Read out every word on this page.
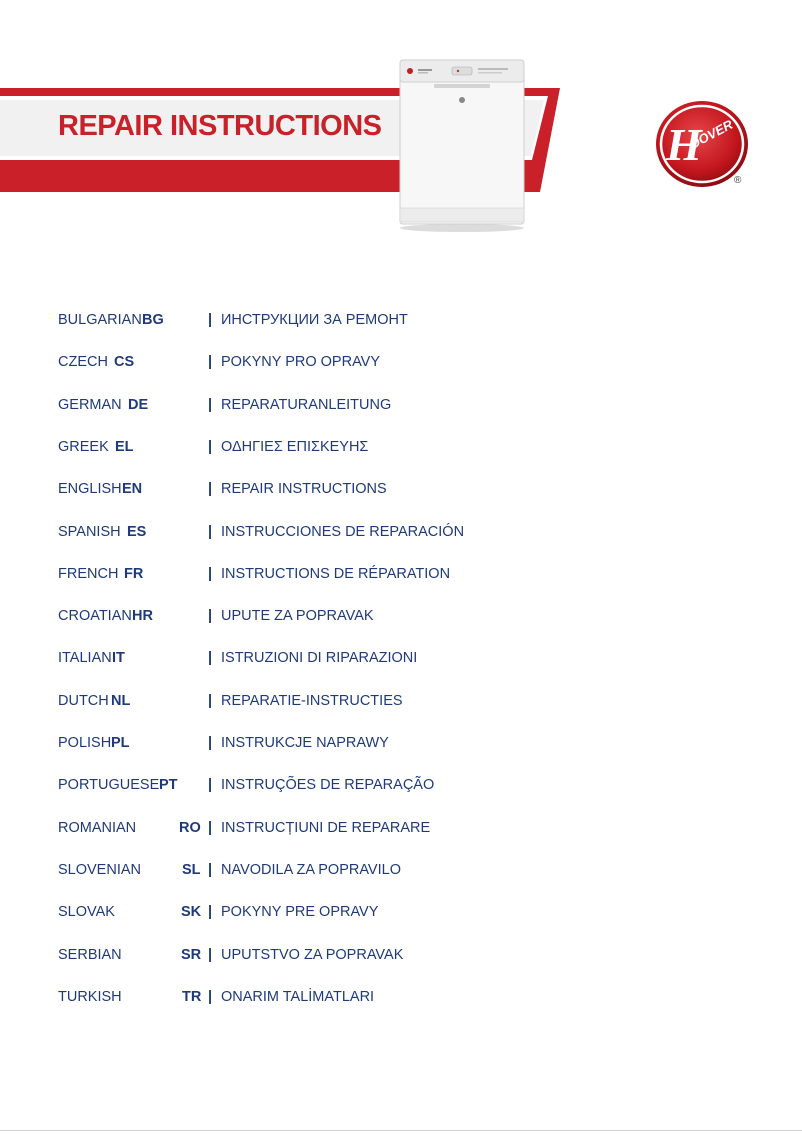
REPAIR INSTRUCTIONS	H
OOVER
®
BULGARIAN BG	| ИНСТРУКЦИИ ЗА РЕМОНТ
CZECH CS	| POKYNY PRO OPRAVY
GERMAN DE	| REPARATURANLEITUNG
GREEK EL	| ΟΔΗΓΙΕΣ ΕΠΙΣΚΕΥΗΣ
ENGLISH EN	| REPAIR INSTRUCTIONS
SPANISH ES	| INSTRUCCIONES DE REPARACIÓN
FRENCH FR	| INSTRUCTIONS DE RÉPARATION
CROATIAN HR	| UPUTE ZA POPRAVAK
ITALIAN IT	| ISTRUZIONI DI RIPARAZIONI
DUTCH NL	| REPARATIE-INSTRUCTIES
POLISH PL	| INSTRUKCJE NAPRAWY
PORTUGUESE PT | INSTRUÇÕES DE REPARAÇÃO
ROMANIAN	RO | INSTRUCȚIUNI DE REPARARE
SLOVENIAN	SL | NAVODILA ZA POPRAVILO
SLOVAK	SK | POKYNY PRE OPRAVY
SERBIAN	SR | UPUTSTVO ZA POPRAVAK
TURKISH	TR | ONARIM TALİMATLARI
